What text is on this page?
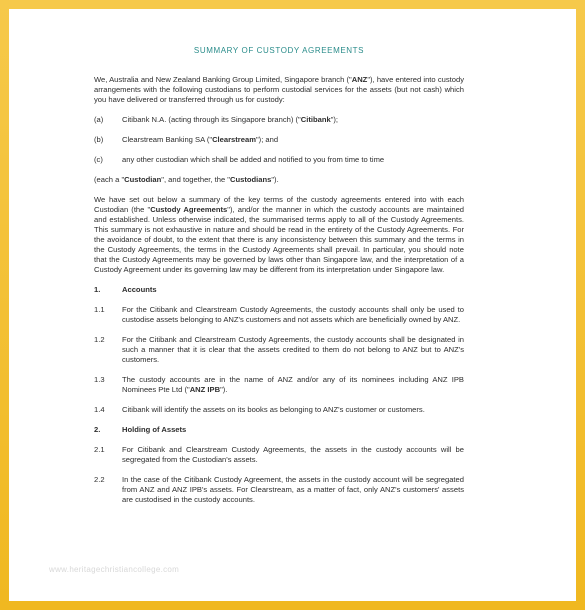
SUMMARY OF CUSTODY AGREEMENTS

We, Australia and New Zealand Banking Group Limited, Singapore branch ("ANZ"), have entered into custody arrangements with the following custodians to perform custodial services for the assets (but not cash) which you have delivered or transferred through us for custody:

(a)	Citibank N.A. (acting through its Singapore branch) ("Citibank");
(b)	Clearstream Banking SA ("Clearstream"); and
(c)	any other custodian which shall be added and notified to you from time to time

(each a "Custodian", and together, the "Custodians").

We have set out below a summary of the key terms of the custody agreements entered into with each Custodian (the "Custody Agreements"), and/or the manner in which the custody accounts are maintained and established. Unless otherwise indicated, the summarised terms apply to all of the Custody Agreements. This summary is not exhaustive in nature and should be read in the entirety of the Custody Agreements. For the avoidance of doubt, to the extent that there is any inconsistency between this summary and the terms in the Custody Agreements, the terms in the Custody Agreements shall prevail. In particular, you should note that the Custody Agreements may be governed by laws other than Singapore law, and the interpretation of a Custody Agreement under its governing law may be different from its interpretation under Singapore law.

1.	Accounts
1.1	For the Citibank and Clearstream Custody Agreements, the custody accounts shall only be used to custodise assets belonging to ANZ's customers and not assets which are beneficially owned by ANZ.
1.2	For the Citibank and Clearstream Custody Agreements, the custody accounts shall be designated in such a manner that it is clear that the assets credited to them do not belong to ANZ but to ANZ's customers.
1.3	The custody accounts are in the name of ANZ and/or any of its nominees including ANZ IPB Nominees Pte Ltd ("ANZ IPB").
1.4	Citibank will identify the assets on its books as belonging to ANZ's customer or customers.
2.	Holding of Assets
2.1	For Citibank and Clearstream Custody Agreements, the assets in the custody accounts will be segregated from the Custodian's assets.
2.2	In the case of the Citibank Custody Agreement, the assets in the custody account will be segregated from ANZ and ANZ IPB's assets. For Clearstream, as a matter of fact, only ANZ's customers' assets are custodised in the custody accounts.
www.heritagechristiancollege.com
